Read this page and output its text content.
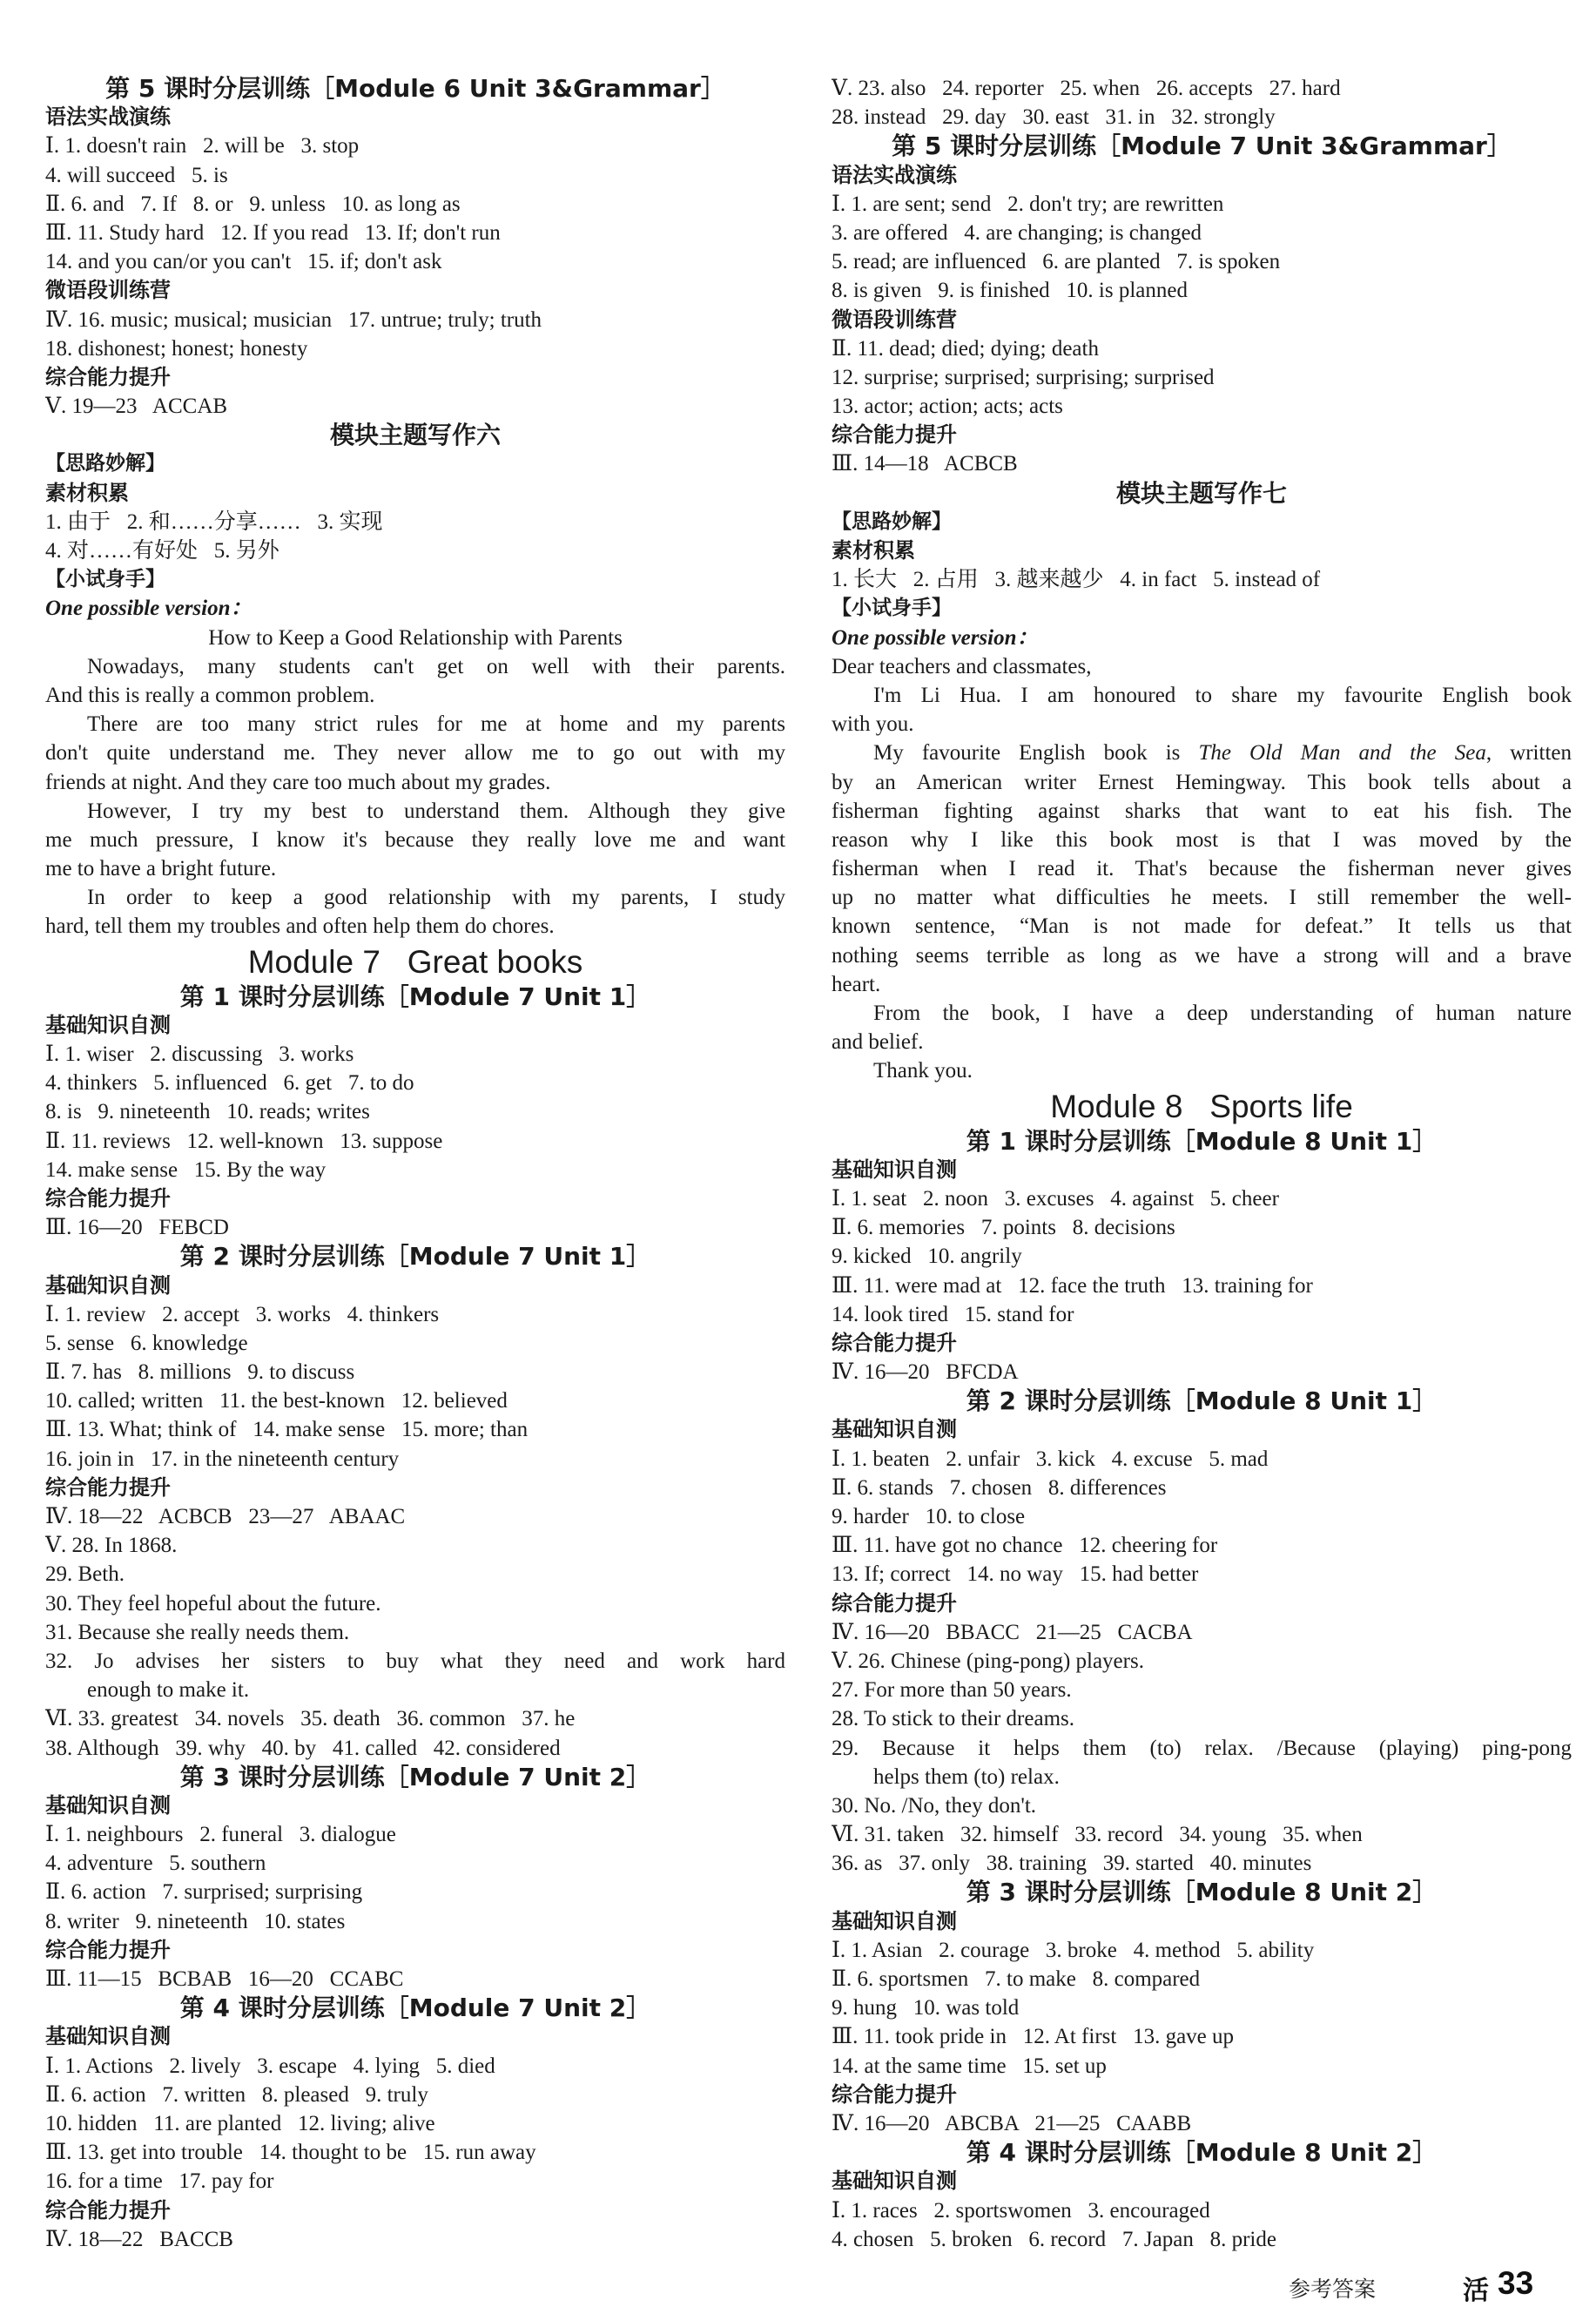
第 5 课时分层训练［Module 6 Unit 3&Grammar］
语法实战演练
Ⅰ. 1. doesn't rain   2. will be   3. stop
4. will succeed   5. is
Ⅱ. 6. and   7. If   8. or   9. unless   10. as long as
Ⅲ. 11. Study hard   12. If you read   13. If; don't run
14. and you can/or you can't   15. if; don't ask
微语段训练营
Ⅳ. 16. music; musical; musician   17. untrue; truly; truth
18. dishonest; honest; honesty
综合能力提升
Ⅴ. 19—23   ACCAB
模块主题写作六
【思路妙解】
素材积累
1. 由于   2. 和……分享……   3. 实现
4. 对……有好处   5. 另外
【小试身手】
One possible version：
How to Keep a Good Relationship with Parents
Nowadays, many students can't get on well with their parents.
And this is really a common problem.
There are too many strict rules for me at home and my parents
don't quite understand me. They never allow me to go out with my
friends at night. And they care too much about my grades.
However, I try my best to understand them. Although they give
me much pressure, I know it's because they really love me and want
me to have a bright future.
In order to keep a good relationship with my parents, I study
hard, tell them my troubles and often help them do chores.
Module 7   Great books
第 1 课时分层训练［Module 7 Unit 1］
基础知识自测
Ⅰ. 1. wiser   2. discussing   3. works
4. thinkers   5. influenced   6. get   7. to do
8. is   9. nineteenth   10. reads; writes
Ⅱ. 11. reviews   12. well-known   13. suppose
14. make sense   15. By the way
综合能力提升
Ⅲ. 16—20   FEBCD
第 2 课时分层训练［Module 7 Unit 1］
基础知识自测
Ⅰ. 1. review   2. accept   3. works   4. thinkers
5. sense   6. knowledge
Ⅱ. 7. has   8. millions   9. to discuss
10. called; written   11. the best-known   12. believed
Ⅲ. 13. What; think of   14. make sense   15. more; than
16. join in   17. in the nineteenth century
综合能力提升
Ⅳ. 18—22   ACBCB   23—27   ABAAC
Ⅴ. 28. In 1868.
29. Beth.
30. They feel hopeful about the future.
31. Because she really needs them.
32. Jo advises her sisters to buy what they need and work hard
enough to make it.
Ⅵ. 33. greatest   34. novels   35. death   36. common   37. he
38. Although   39. why   40. by   41. called   42. considered
第 3 课时分层训练［Module 7 Unit 2］
基础知识自测
Ⅰ. 1. neighbours   2. funeral   3. dialogue
4. adventure   5. southern
Ⅱ. 6. action   7. surprised; surprising
8. writer   9. nineteenth   10. states
综合能力提升
Ⅲ. 11—15   BCBAB   16—20   CCABC
第 4 课时分层训练［Module 7 Unit 2］
基础知识自测
Ⅰ. 1. Actions   2. lively   3. escape   4. lying   5. died
Ⅱ. 6. action   7. written   8. pleased   9. truly
10. hidden   11. are planted   12. living; alive
Ⅲ. 13. get into trouble   14. thought to be   15. run away
16. for a time   17. pay for
综合能力提升
Ⅳ. 18—22   BACCB
Ⅴ. 23. also   24. reporter   25. when   26. accepts   27. hard
28. instead   29. day   30. east   31. in   32. strongly
第 5 课时分层训练［Module 7 Unit 3&Grammar］
语法实战演练
Ⅰ. 1. are sent; send   2. don't try; are rewritten
3. are offered   4. are changing; is changed
5. read; are influenced   6. are planted   7. is spoken
8. is given   9. is finished   10. is planned
微语段训练营
Ⅱ. 11. dead; died; dying; death
12. surprise; surprised; surprising; surprised
13. actor; action; acts; acts
综合能力提升
Ⅲ. 14—18   ACBCB
模块主题写作七
【思路妙解】
素材积累
1. 长大   2. 占用   3. 越来越少   4. in fact   5. instead of
【小试身手】
One possible version：
Dear teachers and classmates,
I'm Li Hua. I am honoured to share my favourite English book
with you.
My favourite English book is The Old Man and the Sea, written
by an American writer Ernest Hemingway. This book tells about a
fisherman fighting against sharks that want to eat his fish. The
reason why I like this book most is that I was moved by the
fisherman when I read it. That's because the fisherman never gives
up no matter what difficulties he meets. I still remember the well-
known sentence, “Man is not made for defeat.” It tells us that
nothing seems terrible as long as we have a strong will and a brave
heart.
From the book, I have a deep understanding of human nature
and belief.
Thank you.
Module 8   Sports life
第 1 课时分层训练［Module 8 Unit 1］
基础知识自测
Ⅰ. 1. seat   2. noon   3. excuses   4. against   5. cheer
Ⅱ. 6. memories   7. points   8. decisions
9. kicked   10. angrily
Ⅲ. 11. were mad at   12. face the truth   13. training for
14. look tired   15. stand for
综合能力提升
Ⅳ. 16—20   BFCDA
第 2 课时分层训练［Module 8 Unit 1］
基础知识自测
Ⅰ. 1. beaten   2. unfair   3. kick   4. excuse   5. mad
Ⅱ. 6. stands   7. chosen   8. differences
9. harder   10. to close
Ⅲ. 11. have got no chance   12. cheering for
13. If; correct   14. no way   15. had better
综合能力提升
Ⅳ. 16—20   BBACC   21—25   CACBA
Ⅴ. 26. Chinese (ping-pong) players.
27. For more than 50 years.
28. To stick to their dreams.
29. Because it helps them (to) relax. /Because (playing) ping-pong
helps them (to) relax.
30. No. /No, they don't.
Ⅵ. 31. taken   32. himself   33. record   34. young   35. when
36. as   37. only   38. training   39. started   40. minutes
第 3 课时分层训练［Module 8 Unit 2］
基础知识自测
Ⅰ. 1. Asian   2. courage   3. broke   4. method   5. ability
Ⅱ. 6. sportsmen   7. to make   8. compared
9. hung   10. was told
Ⅲ. 11. took pride in   12. At first   13. gave up
14. at the same time   15. set up
综合能力提升
Ⅳ. 16—20   ABCBA   21—25   CAABB
第 4 课时分层训练［Module 8 Unit 2］
基础知识自测
Ⅰ. 1. races   2. sportswomen   3. encouraged
4. chosen   5. broken   6. record   7. Japan   8. pride
参考答案	活 33
